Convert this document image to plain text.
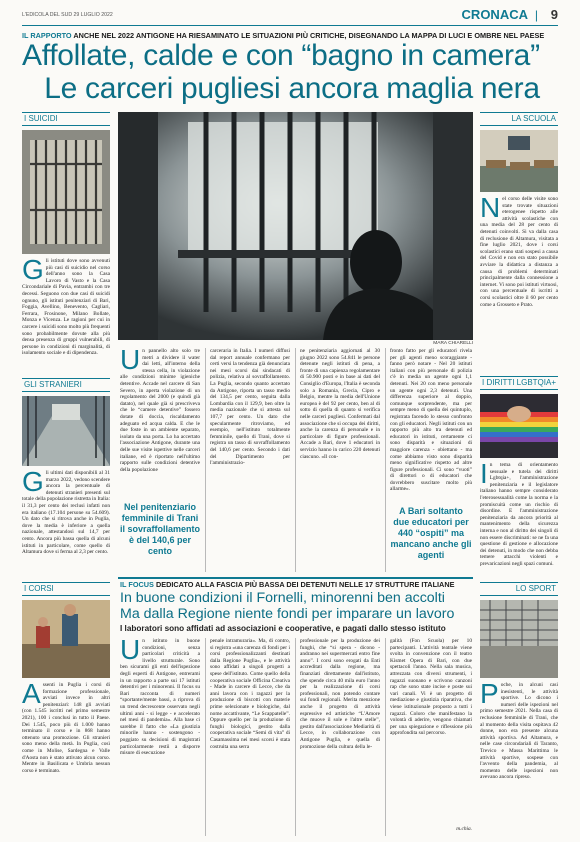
L'EDICOLA DEL SUD 29 LUGLIO 2022	CRONACA | 9
IL RAPPORTO ANCHE NEL 2022 ANTIGONE HA RIESAMINATO LE SITUAZIONI PIÙ CRITICHE, DISEGNANDO LA MAPPA DI LUCI E OMBRE NEL PAESE
Affollate, calde e con “bagno in camera”
Le carceri pugliesi ancora maglia nera
I SUICIDI
Gli istituti dove sono avvenuti più casi di suicidio nel corso dell'anno sono la Casa Lavoro di Vasto e la Casa Circondariale di Pavia, entrambi con tre decessi. Seguono con due casi di suicidi ognuno, gli istituti penitenziari di Bari, Foggia, Avellino, Benevento, Cagliari, Ferrara, Frosinone, Milano Bollate, Monza e Vicenza. Le ragioni per cui in carcere i suicidi sono molto più frequenti sono probabilmente dovute alla più densa presenza di gruppi vulnerabili, di persone in condizioni di marginalità, di isolamento sociale e di dipendenza.
GLI STRANIERI
Gli ultimi dati disponibili al 31 marzo 2022, vedono scendere ancora la percentuale di detenuti stranieri presenti sul totale della popolazione ristretta in Italia: il 31,3 per cento dei reclusi infatti non era italiano (17.104 persone su 54.609). Un dato che si ritrova anche in Puglia, dove la media è inferiore a quella nazionale, attestandosi sul 14,7 per cento. Ancora più bassa quella di alcuni istituti in particolare, come quello di Altamura dove si ferma al 2,3 per cento.
I CORSI
Assenti in Puglia i corsi di formazione professionale, avviati invece in altri penitenziari: 148 gli avviati (con 1.545 iscritti nel primo semestre 2021), 100 i conclusi in tutto il Paese. Dei 1.545, poco più di 1.000 hanno terminato il corso e in 868 hanno ottenuto una promozione. Gli stranieri sono meno della metà. In Puglia, così come in Molise, Sardegna e Valle d'Aosta non è stato attivato alcun corso. Mentre in Basilicata e Umbria nessun corso è terminato.
MARA CHIARELLI
Un pannello alto solo tre metri a dividere il water dai letti, all'interno della stessa cella, in violazione alle condizioni minime igieniche detentive. Accade nel carcere di San Severo, in aperta violazione di un regolamento del 2000 (e quindi già datato), nel quale già si prescriveva che le “camere detentive” fossero dotate di doccia, riscaldamento adeguato ed acqua calda. E che le due foste in un ambiente separato, isolato da una porta. Lo ha accertato l'associazione Antigone, durante una delle sue visite ispettive nelle carceri italiane, ed è riportato nell'ultimo rapporto sulle condizioni detentive della popolazione
Nel penitenziario femminile di Trani il sovraffollamento è del 140,6 per cento
carceraria in Italia. I numeri diffusi dal report annuale confermano per certi versi la tendenza già denunciata nei mesi scorsi dai sindacati di polizia, relativa al sovraffollamento. La Puglia, secondo quanto accertato da Antigone, riporta un tasso medio del 134,5 per cento, seguita dalla Lombardia con il 129,9, ben oltre la media nazionale che si attesta sul 107,7 per cento. Un dato che specularmente ritroviamo, ed esempio, nell'istituto totalmente femminile, quello di Trani, dove si registra un tasso di sovraffollamento del 140,6 per cento. Secondo i dati del Dipartimento per l'amministrazio-
ne penitenziaria aggiornati al 30 giugno 2022 sono 54.841 le persone detenute negli istituti di pena, a fronte di una capienza regolamentare di 50.900 posti e in base ai dati del Consiglio d'Europa, l'Italia è seconda solo a Romania, Grecia, Cipro e Belgio, mentre la media dell'Unione europea è del 92 per cento, ben al di sotto di quella di quanto si verifica nelle carceri pugliesi. Confermati dal associazione che si occupa dei diritti, anche la carenza di personale e in particolare di figure professionali. Accade a Bari, dove 1 educatori in servizio hanno in carico 220 detenuti ciascuno. «Il con-
fronto fatto per gli educatori rivela per gli agenti meno scoraggiante - fanno però notare - Nel 20 istituti italiani con più personale di polizia c'è in media un agente ogni 1,1 detenuti. Nei 20 con meno personale un agente ogni 2,3 detenuti. Una differenza superiore al doppio, comunque sorprendente, ma per sempre meno di quella dei quintuplo, registrata facendo lo stesso confronto con gli educatori. Negli istituti con un rapporto più alto tra detenuti ed educatori in istituti, certamente ci sono disparità e situazioni di maggiore carenza - obiettano - ma come abbiamo visto sono disparità meno significative rispetto ad altre figure professionali. Ci sono “vuoti” di direttori o di educatori che dovrebbero suscitare molto più allarme».
A Bari soltanto due educatori per 440 “ospiti” ma mancano anche gli agenti
LA SCUOLA
Nel corso delle visite sono state trovate situazioni eterogenee rispetto alle attività scolastiche con una media del 28 per cento di detenuti coinvolti. Si va dalla casa di reclusione di Altamura, visitata a fine luglio 2021, dove i corsi scolastici erano stati sospesi a causa del Covid e non era stato possibile avviare la didattica a distanza a causa di problemi determinati principalmente dalla connessione a internet. Vi sono poi istituti virtuosi, con una percentuale di iscritti a corsi scolastici oltre il 60 per cento come a Grosseto e Prato.
I DIRITTI LGBTQIA+
In tema di orientamento sessuale e tutela dei diritti Lgbtqia+, l'amministrazione penitenziaria e il legislatore italiano hanno sempre considerato l'eterosessualità come la norma e la promiscuità come un rischio di disordine. E l'amministrazione penitenziaria da ancora priorità al mantenimento della sicurezza interna e non al diritto dei singoli di non essere discriminati: se ne fa una questione di gestione e allocazione dei detenuti, in modo che non debba temere attacchi violenti e prevaricazioni negli spazi comuni.
LO SPORT
Poche, in alcuni casi inesistenti, le attività sportive. Lo dicono i numeri delle ispezioni nel primo semestre 2021. Nella casa di reclusione femminile di Trani, che al momento della visita ospitava 42 donne, non era presente alcuna attività sportiva. Ad Altamura, e nelle case circondariali di Taranto, Trevico e Massa Marittima le attività sportive, sospese con l'avvento della pandemia, al momento delle ispezioni non avevano ancora ripreso.
IL FOCUS DEDICATO ALLA FASCIA PIÙ BASSA DEI DETENUTI NELLE 17 STRUTTURE ITALIANE
In buone condizioni il Fornelli, minorenni ben accolti
Ma dalla Regione niente fondi per imparare un lavoro
I laboratori sono affidati ad associazioni e cooperative, e pagati dallo stesso istituto
Un istituto in buone condizioni, senza particolari criticità a livello strutturale. Sono ben sicurami gli enti dell'ispezione degli esperti di Antigone, entrerami in un rapporto a parte sui 17 istituti detentivi per i minorenni. Il focus su Bari racconta di numeri “sportante/mente bassi, a riprova di un trend decrescente osservato negli ultimi anni - si legge - e accelerato nel mesi di pandemia». Alla base ci sarebbe il fatto che «La giustizia minorile hanno - sostengono - poggiato su decisioni di magistrati particolarmente restii a disporre misure di esecuzione
penale intramuraria». Ma, di contro, si registra «una carenza di fondi per i corsi professionalizzanti destinati dalla Regione Puglia», e le attività sono affidati a singoli progetti a spese dell'istituto. Come quello della cooperativa sociale Officina Creativa - Made in carcere di Lecce, che da anni lavora con i ragazzi per la produzione di biscotti con materie prime selezionate e biologiche, dal nome accattivante, “Le Scappatelle”. Oppure quello per la produzione di funghi biologici, gestito dalla cooperativa sociale “Semi di vita” di Casamassima nei mesi scorsi è stata costruita una serra
professionale per la produzione dei funghi, che “si spera - dicono - andranno nei supermercati entro fine anno”. I corsi sono erogati da Enti accreditati dalla regione, ma finanziati direttamente dall'istituto, che spende circa 40 mila euro l'anno per la realizzazione di corsi professionali, non potendo contare sui fondi regionali. Merita menzione anche il progetto di attività espressive ed artistiche “L'Amore che muove il sole e l'altre stelle”, gestito dall'associazione Mediarità di Lecce, in collaborazione con Antigone Puglia, e quella di promozione della cultura della le-
galità (Fon Scuola) per 10 partecipanti. L'attività teatrale viene svolta in convenzione con il teatro Kismet Opera di Bari, con due spettacoli l'anno. Nella sala musica, attrezzata con diversi strumenti, i ragazzi suonano e scrivono canzoni rap che sono state incise e poste sui vari canali. Vi è un progetto di mediazione e giustizia riparativa, che viene istituzionale proposto a tutti i ragazzi. Coloro che manifestano la volontà di aderire, vengono chiamati per una spiegazione e riflessione più approfondita sul percorso.
m.chia.
